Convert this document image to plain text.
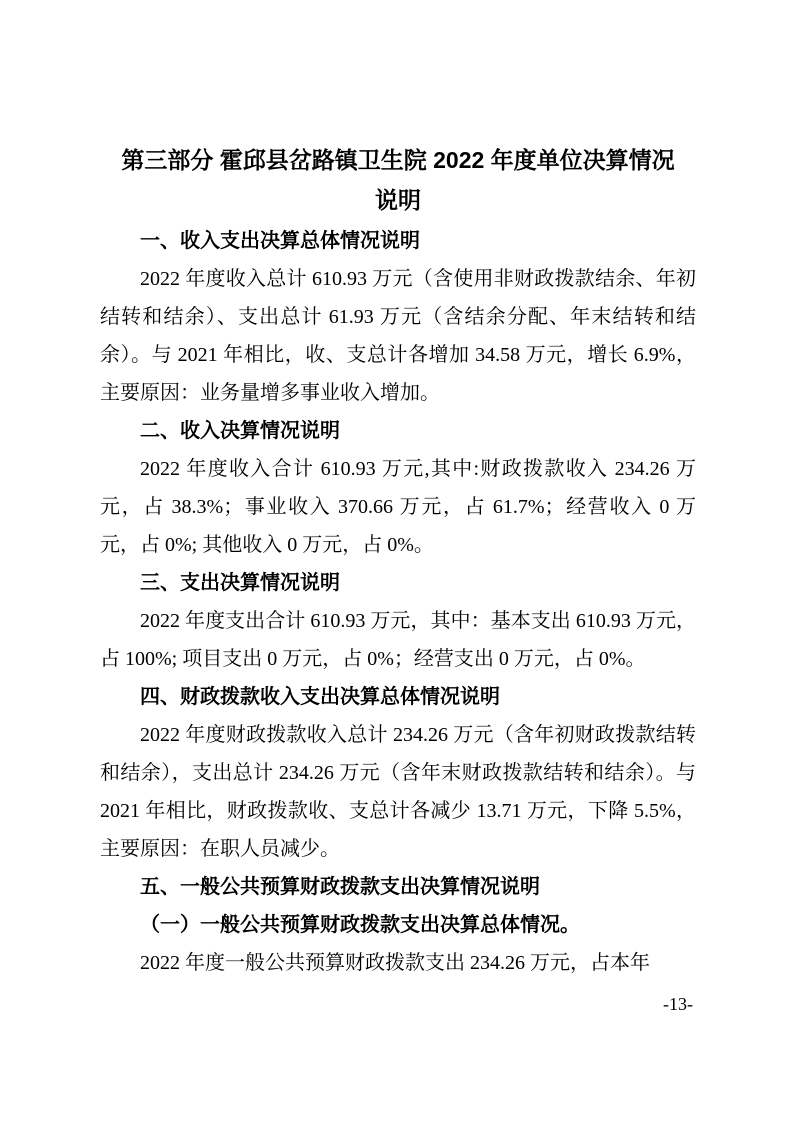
第三部分 霍邱县岔路镇卫生院 2022 年度单位决算情况
说明
一、收入支出决算总体情况说明

2022 年度收入总计 610.93 万元（含使用非财政拨款结余、年初结转和结余）、支出总计 61.93 万元（含结余分配、年末结转和结余）。与 2021 年相比，收、支总计各增加 34.58 万元，增长 6.9%，主要原因：业务量增多事业收入增加。

二、收入决算情况说明

2022 年度收入合计 610.93 万元,其中:财政拨款收入 234.26 万元，占 38.3%；事业收入 370.66 万元，占 61.7%；经营收入 0 万元，占 0%; 其他收入 0 万元，占 0%。

三、支出决算情况说明

2022 年度支出合计 610.93 万元，其中：基本支出 610.93 万元，占 100%; 项目支出 0 万元，占 0%；经营支出 0 万元，占 0%。

四、财政拨款收入支出决算总体情况说明

2022 年度财政拨款收入总计 234.26 万元（含年初财政拨款结转和结余），支出总计 234.26 万元（含年末财政拨款结转和结余）。与 2021 年相比，财政拨款收、支总计各减少 13.71 万元，下降 5.5%，主要原因：在职人员减少。

五、一般公共预算财政拨款支出决算情况说明
（一）一般公共预算财政拨款支出决算总体情况。

2022 年度一般公共预算财政拨款支出 234.26 万元，占本年

-13-
